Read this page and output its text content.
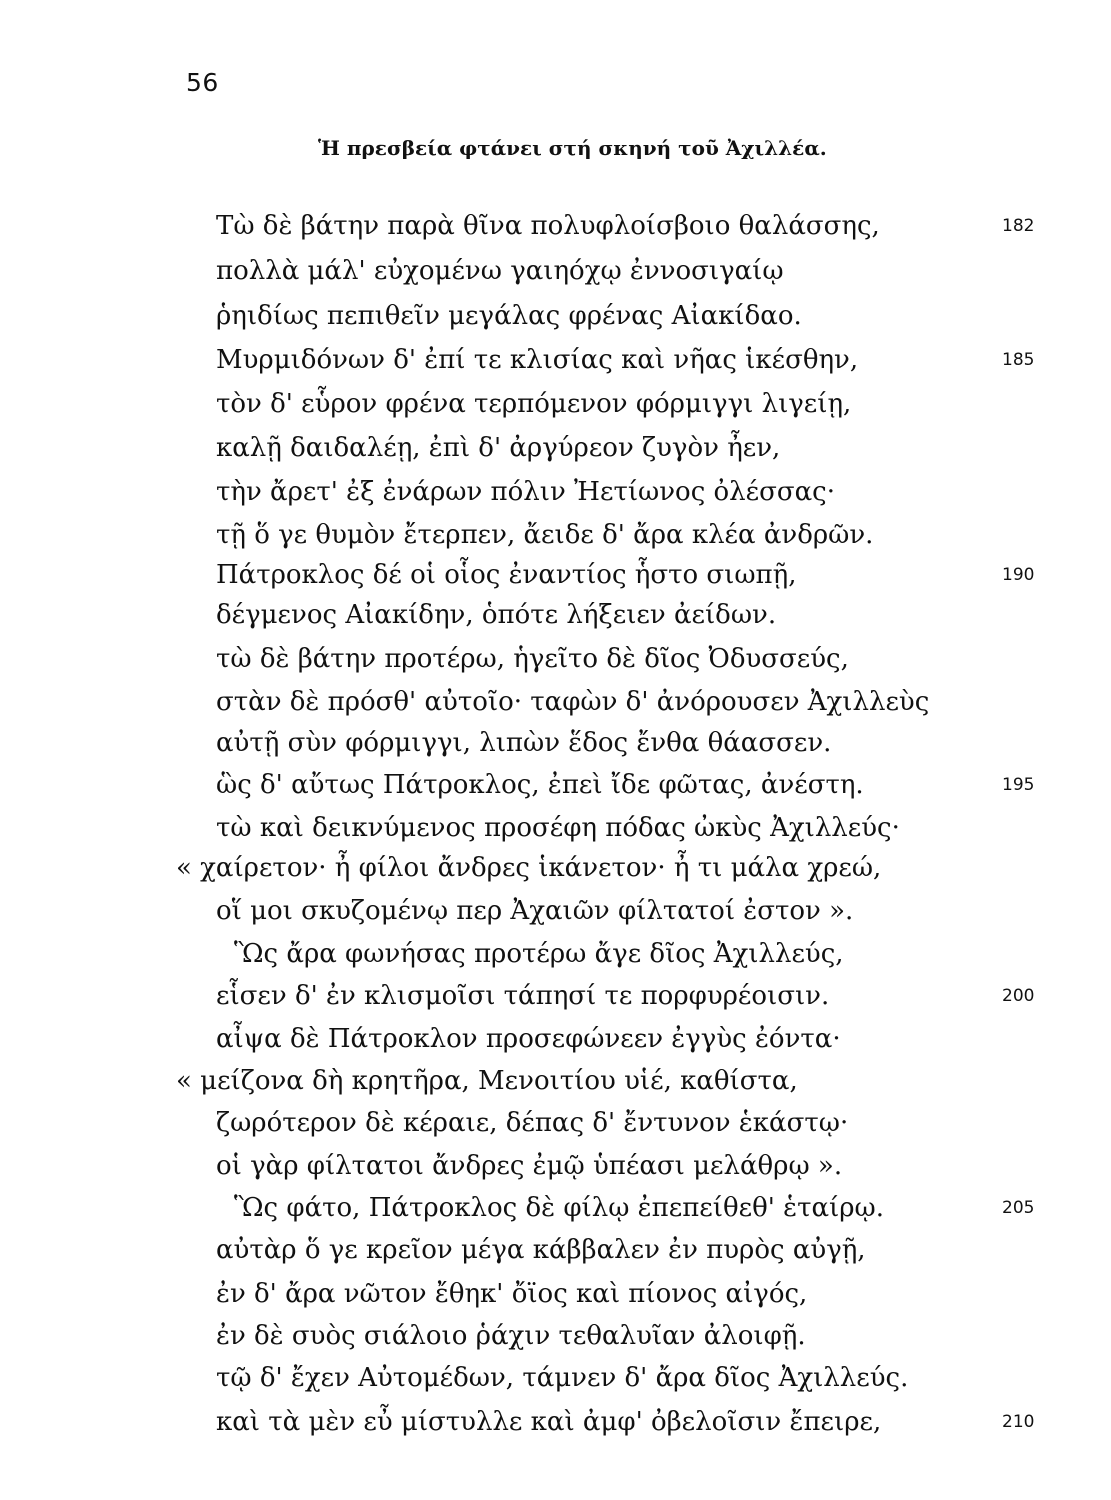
56
Ἡ πρεσβεία φτάνει στή σκηνή τοῦ Ἀχιλλέα.
Τὼ δὲ βάτην παρὰ θῖνα πολυφλοίσβοιο θαλάσσης,	182
πολλὰ μάλ' εὐχομένω γαιηόχῳ ἐννοσιγαίῳ
ῥηιδίως πεπιθεῖν μεγάλας φρένας Αἰακίδαο.
Μυρμιδόνων δ' ἐπί τε κλισίας καὶ νῆας ἱκέσθην,	185
τὸν δ' εὗρον φρένα τερπόμενον φόρμιγγι λιγείῃ,
καλῇ δαιδαλέῃ, ἐπὶ δ' ἀργύρεον ζυγὸν ἦεν,
τὴν ἄρετ' ἐξ ἐνάρων πόλιν Ἠετίωνος ὀλέσσας·
τῇ ὅ γε θυμὸν ἔτερπεν, ἄειδε δ' ἄρα κλέα ἀνδρῶν.
Πάτροκλος δέ οἱ οἷος ἐναντίος ἧστο σιωπῇ,	190
δέγμενος Αἰακίδην, ὁπότε λήξειεν ἀείδων.
τὼ δὲ βάτην προτέρω, ἡγεῖτο δὲ δῖος Ὀδυσσεύς,
στὰν δὲ πρόσθ' αὐτοῖο· ταφὼν δ' ἀνόρουσεν Ἀχιλλεὺς
αὐτῇ σὺν φόρμιγγι, λιπὼν ἕδος ἔνθα θάασσεν.
ὣς δ' αὔτως Πάτροκλος, ἐπεὶ ἴδε φῶτας, ἀνέστη.	195
τὼ καὶ δεικνύμενος προσέφη πόδας ὠκὺς Ἀχιλλεύς·
« χαίρετον· ἦ φίλοι ἄνδρες ἱκάνετον· ἦ τι μάλα χρεώ,
οἵ μοι σκυζομένῳ περ Ἀχαιῶν φίλτατοί ἐστον ».
Ὣς ἄρα φωνήσας προτέρω ἄγε δῖος Ἀχιλλεύς,
εἷσεν δ' ἐν κλισμοῖσι τάπησί τε πορφυρέοισιν.	200
αἶψα δὲ Πάτροκλον προσεφώνεεν ἐγγὺς ἐόντα·
« μείζονα δὴ κρητῆρα, Μενοιτίου υἱέ, καθίστα,
ζωρότερον δὲ κέραιε, δέπας δ' ἔντυνον ἑκάστῳ·
οἱ γὰρ φίλτατοι ἄνδρες ἐμῷ ὑπέασι μελάθρῳ ».
Ὣς φάτο, Πάτροκλος δὲ φίλῳ ἐπεπείθεθ' ἑταίρῳ.	205
αὐτὰρ ὅ γε κρεῖον μέγα κάββαλεν ἐν πυρὸς αὐγῇ,
ἐν δ' ἄρα νῶτον ἔθηκ' ὄϊος καὶ πίονος αἰγός,
ἐν δὲ συὸς σιάλοιο ῥάχιν τεθαλυῖαν ἀλοιφῇ.
τῷ δ' ἔχεν Αὐτομέδων, τάμνεν δ' ἄρα δῖος Ἀχιλλεύς.
καὶ τὰ μὲν εὖ μίστυλλε καὶ ἀμφ' ὀβελοῖσιν ἔπειρε,	210
